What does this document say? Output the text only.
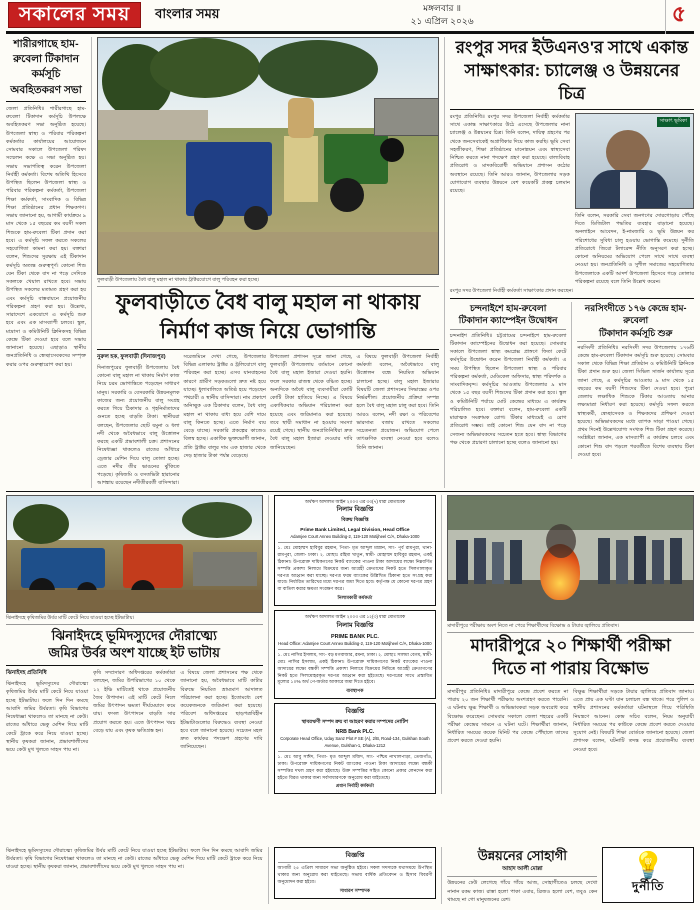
সকালের সময়	বাংলার সময়	মঙ্গলবার ॥
২১ এপ্রিল ২০২৬	৫
শারীরগাছে হাম-রুবেলা টিকাদান কর্মসূচি অবহিতকরণ সভা
জেলা প্রতিনিধি॥ শারীরগাছে হাম-রুবেলা টিকাদান কর্মসূচি উপলক্ষে অবহিতকরণ সভা অনুষ্ঠিত হয়েছে। উপজেলা স্বাস্থ্য ও পরিবার পরিকল্পনা কর্মকর্তার কার্যালয়ের আয়োজনে সোমবার সকালে উপজেলা পরিষদ সম্মেলন কক্ষে এ সভা অনুষ্ঠিত হয়। সভায় সভাপতিত্ব করেন উপজেলা নির্বাহী কর্মকর্তা। বিশেষ অতিথি হিসেবে উপস্থিত ছিলেন উপজেলা স্বাস্থ্য ও পরিবার পরিকল্পনা কর্মকর্তা, উপজেলা শিক্ষা কর্মকর্তা, সাংবাদিক ও বিভিন্ন শিক্ষা প্রতিষ্ঠানের প্রধান শিক্ষকগণ। সভায় জানানো হয়, আগামী কার্যক্রমে ৯ মাস থেকে ১৫ বছরের কম বয়সী সকল শিশুকে হাম-রুবেলা টিকা প্রদান করা হবে। এ কর্মসূচি সফল করতে সকলের সহযোগিতা কামনা করা হয়। বক্তারা বলেন, শিশুদের সুরক্ষায় এই টিকাদান কর্মসূচি অত্যন্ত গুরুত্বপূর্ণ। কোনো শিশু যেন টিকা থেকে বাদ না পড়ে সেদিকে সকলকে খেয়াল রাখতে হবে। সভায় উপস্থিত সকলের মতামত গ্রহণ করা হয় এবং কর্মসূচি বাস্তবায়নে প্রয়োজনীয় পরিকল্পনা গ্রহণ করা হয়। উল্লেখ্য, সারাদেশে একযোগে এ কর্মসূচি শুরু হবে এবং এক মাসব্যাপী চলবে। স্কুল, মাদ্রাসা ও কমিউনিটি ক্লিনিকসহ বিভিন্ন কেন্দ্রে টিকা দেওয়া হবে বলে সভায় জানানো হয়েছে। এছাড়াও স্থানীয় জনপ্রতিনিধি ও স্বেচ্ছাসেবকদের সম্পৃক্ত করার ওপর গুরুত্বারোপ করা হয়।
ফুলবাড়ী উপজেলায় বৈধ বালু মহাল না থাকায় ট্রাক্টরযোগে বালু পরিবহন করা হচ্ছে।
ফুলবাড়ীতে বৈধ বালু মহাল না থাকায়
নির্মাণ কাজ নিয়ে ভোগান্তি
নুরুল হক, ফুলবাড়ী (দিনাজপুর)
দিনাজপুরের ফুলবাড়ী উপজেলায় বৈধ কোনো বালু মহাল না থাকায় নির্মাণ কাজ নিয়ে চরম ভোগান্তিতে পড়েছেন সাধারণ মানুষ। সরকারি ও বেসরকারি উন্নয়নমূলক কাজের জন্য প্রয়োজনীয় বালু সংগ্রহ করতে গিয়ে ঠিকাদার ও গৃহনির্মাতাদের গুনতে হচ্ছে বাড়তি টাকা। স্থানীয়রা বলছেন, উপজেলার ছোট যমুনা ও ধলা নদী থেকে অবৈধভাবে বালু উত্তোলন করছে একটি প্রভাবশালী চক্র। প্রশাসনের নিষেধাজ্ঞা থাকলেও রাতের আঁধারে ড্রেজার মেশিন দিয়ে বালু তোলা হচ্ছে। এতে নদীর তীর ভাঙনের ঝুঁকিতে পড়েছে। কৃষিজমি ও বসতভিটা হারানোর আশঙ্কায় রয়েছেন নদীতীরবর্তী বাসিন্দারা।
সরেজমিনে দেখা গেছে, উপজেলার বিভিন্ন এলাকায় ট্রাক্টর ও ট্রলিযোগে বালু পরিবহন করা হচ্ছে। এসব যানবাহনের কারণে গ্রামীণ সড়কগুলো দ্রুত নষ্ট হয়ে যাচ্ছে। ধুলাবালিতে অতিষ্ঠ হয়ে পড়েছেন পথচারী ও স্থানীয় বাসিন্দারা। নাম প্রকাশে অনিচ্ছুক এক ঠিকাদার বলেন, বৈধ বালু মহাল না থাকায় বাধ্য হয়ে বেশি দামে বালু কিনতে হচ্ছে। এতে নির্মাণ ব্যয় বেড়ে যাচ্ছে। সরকারি প্রকল্পের কাজেও বিলম্ব হচ্ছে। একাধিক ভুক্তভোগী জানান, প্রতি ট্রাক্টর বালুর দাম এক হাজার থেকে দেড় হাজার টাকা পর্যন্ত বেড়েছে।
উপজেলা প্রশাসন সূত্রে জানা গেছে, ফুলবাড়ী উপজেলায় বর্তমানে কোনো বৈধ বালু মহাল ইজারা দেওয়া হয়নি। ফলে সরকার রাজস্ব থেকে বঞ্চিত হচ্ছে। অন্যদিকে অবৈধ বালু ব্যবসায়ীরা কোটি কোটি টাকা হাতিয়ে নিচ্ছে। এ বিষয়ে একাধিকবার অভিযান পরিচালনা করা হয়েছে এবং জরিমানাও করা হয়েছে। তবে স্থায়ী সমাধান না হওয়ায় সমস্যা রয়েই গেছে। স্থানীয় জনপ্রতিনিধিরা দ্রুত বৈধ বালু মহাল ইজারা দেওয়ার দাবি জানিয়েছেন।
এ বিষয়ে ফুলবাড়ী উপজেলা নির্বাহী কর্মকর্তা বলেন, অবৈধভাবে বালু উত্তোলন বন্ধে নিয়মিত অভিযান চালানো হচ্ছে। বালু মহাল ইজারার বিষয়টি জেলা প্রশাসনের সিদ্ধান্তের ওপর নির্ভরশীল। প্রয়োজনীয় প্রক্রিয়া সম্পন্ন হলে বৈধ বালু মহাল চালু করা হবে। তিনি আরও বলেন, নদী রক্ষা ও পরিবেশের ভারসাম্য বজায় রাখতে সকলের সচেতনতা প্রয়োজন। অভিযোগ পেলে তাৎক্ষণিক ব্যবস্থা নেওয়া হবে বলেও তিনি জানান।
রংপুর সদর ইউএনও'র সাথে একান্ত
সাক্ষাৎকার: চ্যালেঞ্জ ও উন্নয়নের চিত্র
রংপুর প্রতিনিধি॥ রংপুর সদর উপজেলা নির্বাহী কর্মকর্তার সাথে একান্ত সাক্ষাৎকারে উঠে এসেছে উপজেলার নানা চ্যালেঞ্জ ও উন্নয়নের চিত্র। তিনি বলেন, দায়িত্ব গ্রহণের পর থেকে জনসেবাকেই অগ্রাধিকার দিয়ে কাজ করছি। ভূমি সেবা সহজীকরণ, শিক্ষা প্রতিষ্ঠানের মানোন্নয়ন এবং স্বাস্থ্যসেবা নিশ্চিত করতে নানা পদক্ষেপ গ্রহণ করা হয়েছে। বাল্যবিবাহ প্রতিরোধ ও মাদকবিরোধী অভিযানে প্রশাসন কঠোর অবস্থানে রয়েছে। তিনি আরও জানান, উপজেলার সড়ক যোগাযোগ ব্যবস্থার উন্নয়নে বেশ কয়েকটি প্রকল্প চলমান রয়েছে।
সাক্ষাৎ ভূমিকা
তিনি বলেন, সরকারি সেবা জনগণের দোরগোড়ায় পৌঁছে দিতে ডিজিটাল পদ্ধতির ব্যবহার বাড়ানো হয়েছে। অনলাইনে আবেদন, ই-নামজারি ও ভূমি উন্নয়ন কর পরিশোধের সুবিধা চালু হওয়ায় ভোগান্তি কমেছে। দুর্নীতি প্রতিরোধে জিরো টলারেন্স নীতি অনুসরণ করা হচ্ছে। কোনো অনিয়মের অভিযোগ পেলে সাথে সাথে ব্যবস্থা নেওয়া হয়। জনপ্রতিনিধি ও সুশীল সমাজের সহযোগিতায় উপজেলাকে একটি আদর্শ উপজেলা হিসেবে গড়ে তোলার পরিকল্পনা রয়েছে বলে তিনি উল্লেখ করেন।
রংপুর সদর উপজেলা নির্বাহী কর্মকর্তা সাক্ষাৎকার প্রদান করছেন।
চন্দনাইশে হাম-রুবেলা
টিকাদান ক্যাম্পেইন উদ্বোধন
চন্দনাইশ প্রতিনিধি॥ চট্টগ্রামের চন্দনাইশে হাম-রুবেলা টিকাদান ক্যাম্পেইনের উদ্বোধন করা হয়েছে। সোমবার সকালে উপজেলা স্বাস্থ্য কমপ্লেক্স প্রাঙ্গণে ফিতা কেটে কর্মসূচির উদ্বোধন করেন উপজেলা নির্বাহী কর্মকর্তা। এ সময় উপস্থিত ছিলেন উপজেলা স্বাস্থ্য ও পরিবার পরিকল্পনা কর্মকর্তা, মেডিকেল অফিসার, স্বাস্থ্য পরিদর্শক ও সাংবাদিকবৃন্দ। কর্মসূচির আওতায় উপজেলার ৯ মাস থেকে ১৫ বছর বয়সী শিশুদের টিকা প্রদান করা হবে। স্কুল ও কমিউনিটি পর্যায়ে মোট কেন্দ্রের মাধ্যমে এ কার্যক্রম পরিচালিত হবে। বক্তারা বলেন, হাম-রুবেলা একটি মারাত্মক সংক্রামক রোগ। টিকার মাধ্যমেই এ রোগ প্রতিরোধ সম্ভব। তাই কোনো শিশু যেন বাদ না পড়ে সেজন্য অভিভাবকদের সচেতন হতে হবে। স্বাস্থ্য বিভাগের পক্ষ থেকে প্রচারণা চালানো হচ্ছে বলেও জানানো হয়।
নরসিংদীতে ১৭৬ কেন্দ্রে হাম-রুবেলা
টিকাদান কর্মসূচি শুরু
নরসিংদী প্রতিনিধি॥ নরসিংদী সদর উপজেলায় ১৭৬টি কেন্দ্রে হাম-রুবেলা টিকাদান কর্মসূচি শুরু হয়েছে। সোমবার সকাল থেকে বিভিন্ন শিক্ষা প্রতিষ্ঠান ও কমিউনিটি ক্লিনিকে টিকা প্রদান শুরু হয়। জেলা সিভিল সার্জন কার্যালয় সূত্রে জানা গেছে, এ কর্মসূচির আওতায় ৯ মাস থেকে ১৫ বছরের কম বয়সী শিশুদের টিকা দেওয়া হবে। পুরো জেলায় লক্ষাধিক শিশুকে টিকার আওতায় আনার লক্ষ্যমাত্রা নির্ধারণ করা হয়েছে। কর্মসূচি সফল করতে স্বাস্থ্যকর্মী, স্বেচ্ছাসেবক ও শিক্ষকদের প্রশিক্ষণ দেওয়া হয়েছে। অভিভাবকদের মধ্যে ব্যাপক সাড়া পাওয়া গেছে। প্রথম দিনেই উল্লেখযোগ্য সংখ্যক শিশু টিকা গ্রহণ করেছে। সংশ্লিষ্টরা জানান, এক মাসব্যাপী এ কার্যক্রম চলবে এবং কোনো শিশু বাদ পড়লে পরবর্তীতে বিশেষ ব্যবস্থায় টিকা দেওয়া হবে।
ঝিনাইদহে কৃষিজমির উর্বর মাটি কেটে নিয়ে যাওয়া হচ্ছে ইটভাটায়।
ঝিনাইদহে ভূমিদস্যুদের দৌরাত্ম্যে
জমির উর্বর অংশ যাচ্ছে ইট ভাটায়
ঝিনাইদহ প্রতিনিধি
ঝিনাইদহে ভূমিদস্যুদের দৌরাত্ম্যে কৃষিজমির উর্বর মাটি কেটে নিয়ে যাওয়া হচ্ছে ইটভাটায়। ফলে দিন দিন কমছে আবাদি জমির উর্বরতা। কৃষি বিভাগের নিষেধাজ্ঞা থাকলেও তা মানছে না কেউ। রাতের আঁধারে ভেকু মেশিন দিয়ে মাটি কেটে ট্রাকে করে নিয়ে যাওয়া হচ্ছে। স্থানীয় কৃষকরা জানান, প্রভাবশালীদের ভয়ে কেউ মুখ খুলতে সাহস পায় না।
কৃষি সম্প্রসারণ অধিদপ্তরের কর্মকর্তারা বলছেন, জমির উপরিভাগের ১০ থেকে ১২ ইঞ্চি মাটিতেই থাকে প্রয়োজনীয় জৈব উপাদান। এই মাটি কেটে নিলে জমির উৎপাদন ক্ষমতা দীর্ঘমেয়াদে কমে যায়। ফসল উৎপাদনে বাড়তি সার প্রয়োগ করতে হয়। এতে উৎপাদন খরচ বেড়ে যায় এবং কৃষক ক্ষতিগ্রস্ত হন।
এ বিষয়ে জেলা প্রশাসনের পক্ষ থেকে জানানো হয়, অবৈধভাবে মাটি কাটার বিরুদ্ধে নিয়মিত ভ্রাম্যমাণ আদালত পরিচালনা করা হচ্ছে। ইতোমধ্যে বেশ কয়েকজনকে জরিমানা করা হয়েছে। পরিবেশ অধিদপ্তরের ছাড়পত্রবিহীন ইটভাটাগুলোর বিরুদ্ধেও ব্যবস্থা নেওয়া হবে বলে জানানো হয়েছে। সচেতন মহল দ্রুত কার্যকর পদক্ষেপ গ্রহণের দাবি জানিয়েছেন।
অর্থঋণ আদালত আইন ২০০৩ এর ৩৩(৭) ধারা মোতাবেক
নিলাম বিজ্ঞপ্তি
বিক্রয় বিজ্ঞপ্তি
Prime Bank Limited, Legal Division, Head Office
Adamjee Court Annex Building-2, 119-120 Motijheel C/A, Dhaka-1000
১. মেঃ মোহাম্মদ হাবিবুর রহমান, পিতা- মৃত আব্দুল মান্নান, সাং- পূর্ব রামপুরা, থানা- রামপুরা, জেলা- ঢাকা। ২. মোছাঃ রহিমা খাতুন, স্বামী- মোহাম্মদ হাবিবুর রহমান, একই ঠিকানা। উপরোক্ত দায়িকগণের নিকট ব্যাংকের পাওনা টাকা আদায়ের লক্ষ্যে নিম্নবর্ণিত সম্পত্তি প্রকাশ্য নিলামে বিক্রয়ের জন্য আগ্রহী ক্রেতাদের নিকট হতে সিলগালাকৃত দরপত্র আহ্বান করা যাচ্ছে। দরপত্র ফরম ব্যাংকের উল্লিখিত ঠিকানা হতে সংগ্রহ করা যাবে। নির্ধারিত তারিখের মধ্যে দরপত্র জমা দিতে হবে। কর্তৃপক্ষ যে কোনো দরপত্র গ্রহণ বা বাতিল করার ক্ষমতা সংরক্ষণ করে।
নিলামকারী কর্মকর্তা
অর্থঋণ আদালত আইন ২০০৩ এর ১২(৩) ধারা মোতাবেক
নিলাম বিজ্ঞপ্তি
PRIME BANK PLC.
Head Office: Adamjee Court Annex Building-2, 119-120 Motijheel C/A, Dhaka-1000
১. মেঃ নাসির ইসলাম, সাং- বড় মগবাজার, রমনা, ঢাকা। ২. মোছাঃ সালমা বেগম, স্বামী- মোঃ নাসির ইসলাম, একই ঠিকানা। উপরোক্ত দায়িকগণের নিকট ব্যাংকের পাওনা আদায়ের লক্ষ্যে বন্ধকী সম্পত্তি প্রকাশ্য নিলামে বিক্রয়ের নিমিত্তে আগ্রহী ক্রেতাগণের নিকট হতে সিলমোহরকৃত দরপত্র আহ্বান করা হইতেছে। দরপত্রের সাথে প্রস্তাবিত মূল্যের ১০% অর্থ পে-অর্ডার আকারে জমা দিতে হইবে।
ব্যবস্থাপক
বিজ্ঞপ্তি
স্থাবরঋণী সম্পদ ক্রয় বা আহরণ করার সম্পদের নোটিশ
NRB Bank PLC.
Corporate Head Office, Uday Sanz Plot # SE (A), 2/B, Road-134, Gulshan South Avenue, Gulshan-1, Dhaka-1212
১. মেঃ আবু সাঈদ, পিতা- মৃত আব্দুল মজিদ, সাং- পশ্চিম নাখালপাড়া, তেজগাঁও, ঢাকা। উপরোক্ত দায়িকগণের নিকট ব্যাংকের পাওনা টাকা আদায়ের লক্ষ্যে বন্ধকী সম্পত্তির দখল গ্রহণ করা হইয়াছে। উক্ত সম্পত্তির সহিত কোনো প্রকার লেনদেন করা হইতে বিরত থাকার জন্য সর্বসাধারণকে অনুরোধ করা যাইতেছে।
প্রধান নির্বাহী কর্মকর্তা
মাদারীপুরে পরীক্ষায় অংশ নিতে না পেরে শিক্ষার্থীদের বিক্ষোভ ও টায়ার জ্বালিয়ে প্রতিবাদ।
মাদারীপুরে ২০ শিক্ষার্থী পরীক্ষা
দিতে না পারায় বিক্ষোভ
মাদারীপুর প্রতিনিধি॥ মাদারীপুরে কেন্দ্রে প্রবেশ করতে না পারায় ২০ জন শিক্ষার্থী পরীক্ষায় অংশগ্রহণ করতে পারেনি। এ ঘটনায় ক্ষুব্ধ শিক্ষার্থী ও অভিভাবকরা সড়ক অবরোধ করে বিক্ষোভ করেছেন। সোমবার সকালে জেলা শহরের একটি পরীক্ষা কেন্দ্রের সামনে এ ঘটনা ঘটে। শিক্ষার্থীরা জানান, নির্ধারিত সময়ের কয়েক মিনিট পর কেন্দ্রে পৌঁছালে তাদের প্রবেশ করতে দেওয়া হয়নি।
বিক্ষুব্ধ শিক্ষার্থীরা সড়কে টায়ার জ্বালিয়ে প্রতিবাদ জানায়। এতে প্রায় এক ঘণ্টা যান চলাচল বন্ধ থাকে। পরে পুলিশ ও স্থানীয় প্রশাসনের কর্মকর্তারা ঘটনাস্থলে গিয়ে পরিস্থিতি নিয়ন্ত্রণে আনেন। কেন্দ্র সচিব বলেন, নিয়ম অনুযায়ী নির্ধারিত সময়ের পর কাউকে কেন্দ্রে প্রবেশ করতে দেওয়ার সুযোগ নেই। বিষয়টি শিক্ষা বোর্ডকে জানানো হয়েছে। জেলা প্রশাসক বলেন, ঘটনাটি তদন্ত করে প্রয়োজনীয় ব্যবস্থা নেওয়া হবে।
ঝিনাইদহে ভূমিদস্যুদের দৌরাত্ম্যে কৃষিজমির উর্বর মাটি কেটে নিয়ে যাওয়া হচ্ছে ইটভাটায়। ফলে দিন দিন কমছে আবাদি জমির উর্বরতা। কৃষি বিভাগের নিষেধাজ্ঞা থাকলেও তা মানছে না কেউ। রাতের আঁধারে ভেকু মেশিন দিয়ে মাটি কেটে ট্রাকে করে নিয়ে যাওয়া হচ্ছে। স্থানীয় কৃষকরা জানান, প্রভাবশালীদের ভয়ে কেউ মুখ খুলতে সাহস পায় না।
বিজ্ঞপ্তি
আগামী ২৫ এপ্রিল সাধারণ সভা অনুষ্ঠিত হইবে। সকল সদস্যকে যথাসময়ে উপস্থিত থাকার জন্য অনুরোধ করা যাইতেছে। সভায় বার্ষিক প্রতিবেদন ও হিসাব বিবরণী অনুমোদন করা হইবে।
সাধারণ সম্পাদক
উন্নয়নের সোহাগী
আহাদ আলী মোল্লা
উন্নয়নের ঢেউ লেগেছে গাঁয়ে গাঁয়ে আজ, সোহাগীতেও চলছে দেখো নানান রকম কাজ। রাস্তা হলো পাকা এবার, ব্রিজও হলো বেশ, তবুও কেন থামছে না গো মানুষজনের রেশ।
💡
দুর্নীতি
